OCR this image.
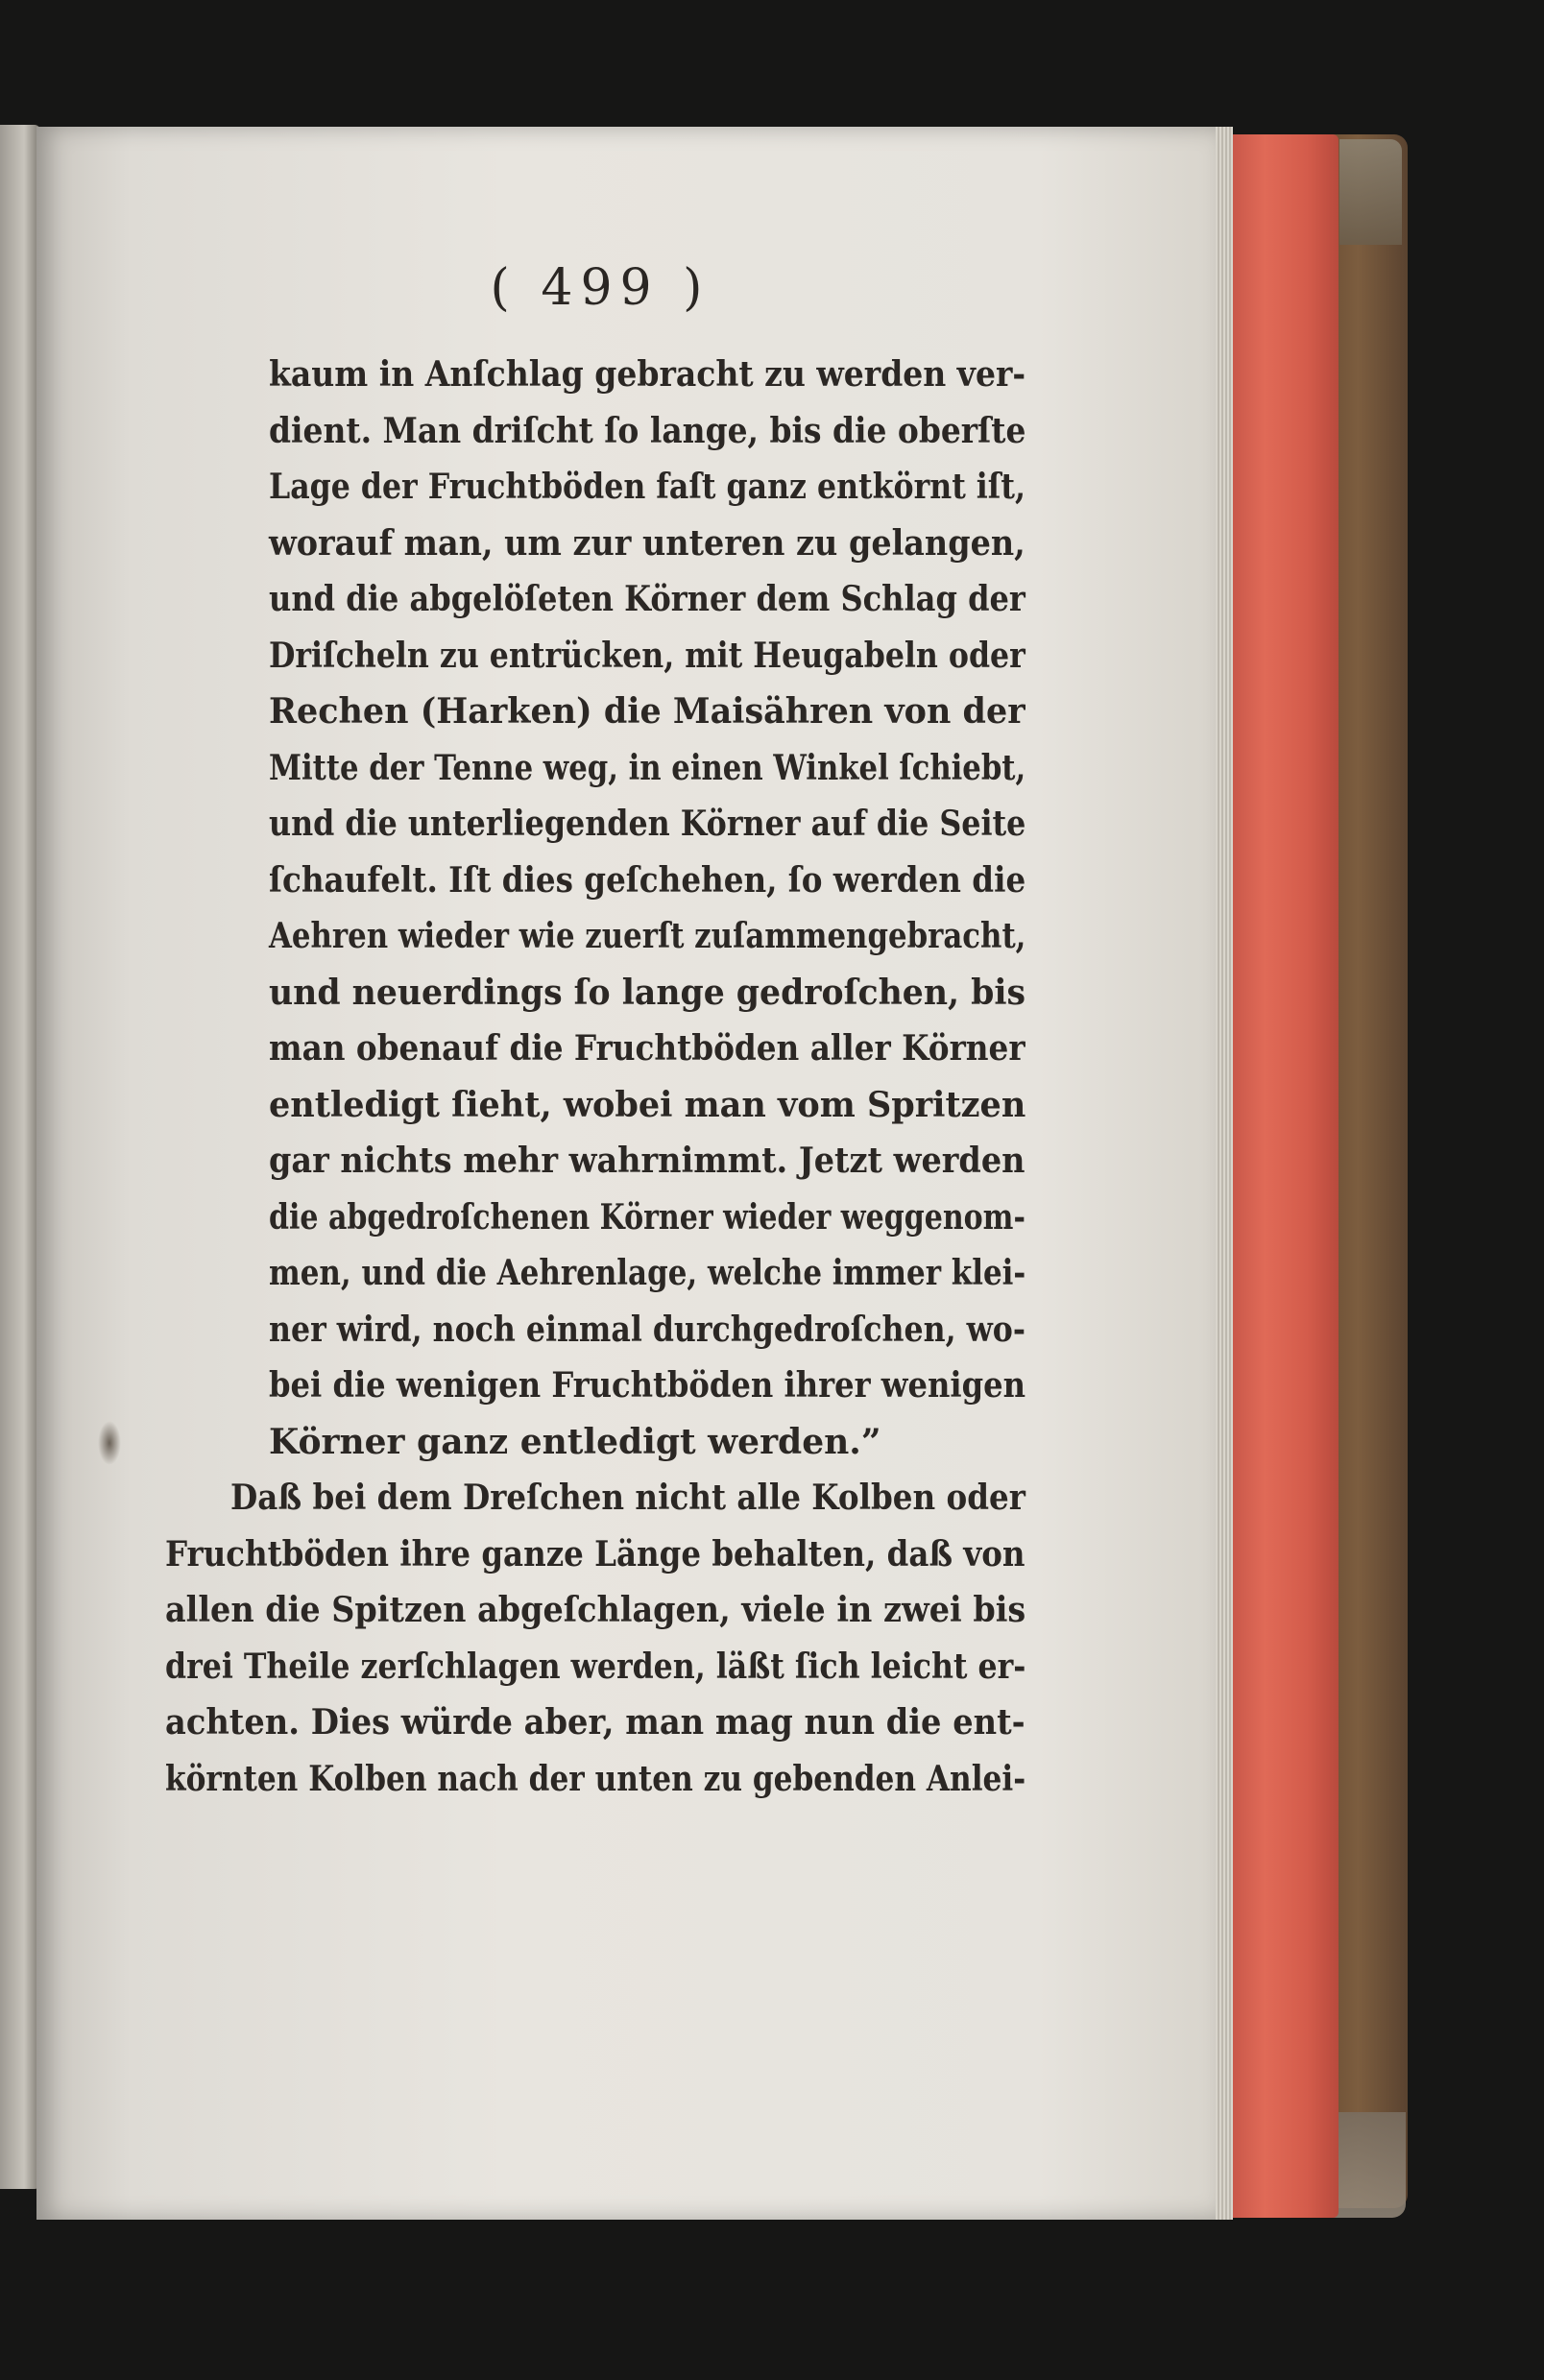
( 499 )
kaum in Anſchlag gebracht zu werden ver-
dient. Man driſcht ſo lange, bis die oberſte
Lage der Fruchtböden faſt ganz entkörnt iſt,
worauf man, um zur unteren zu gelangen,
und die abgelöſeten Körner dem Schlag der
Driſcheln zu entrücken, mit Heugabeln oder
Rechen (Harken) die Maisähren von der
Mitte der Tenne weg, in einen Winkel ſchiebt,
und die unterliegenden Körner auf die Seite
ſchaufelt. Iſt dies geſchehen, ſo werden die
Aehren wieder wie zuerſt zuſammengebracht,
und neuerdings ſo lange gedroſchen, bis
man obenauf die Fruchtböden aller Körner
entledigt ſieht, wobei man vom Spritzen
gar nichts mehr wahrnimmt. Jetzt werden
die abgedroſchenen Körner wieder weggenom-
men, und die Aehrenlage, welche immer klei-
ner wird, noch einmal durchgedroſchen, wo-
bei die wenigen Fruchtböden ihrer wenigen
Körner ganz entledigt werden.”
Daß bei dem Dreſchen nicht alle Kolben oder
Fruchtböden ihre ganze Länge behalten, daß von
allen die Spitzen abgeſchlagen, viele in zwei bis
drei Theile zerſchlagen werden, läßt ſich leicht er-
achten. Dies würde aber, man mag nun die ent-
körnten Kolben nach der unten zu gebenden Anlei-
